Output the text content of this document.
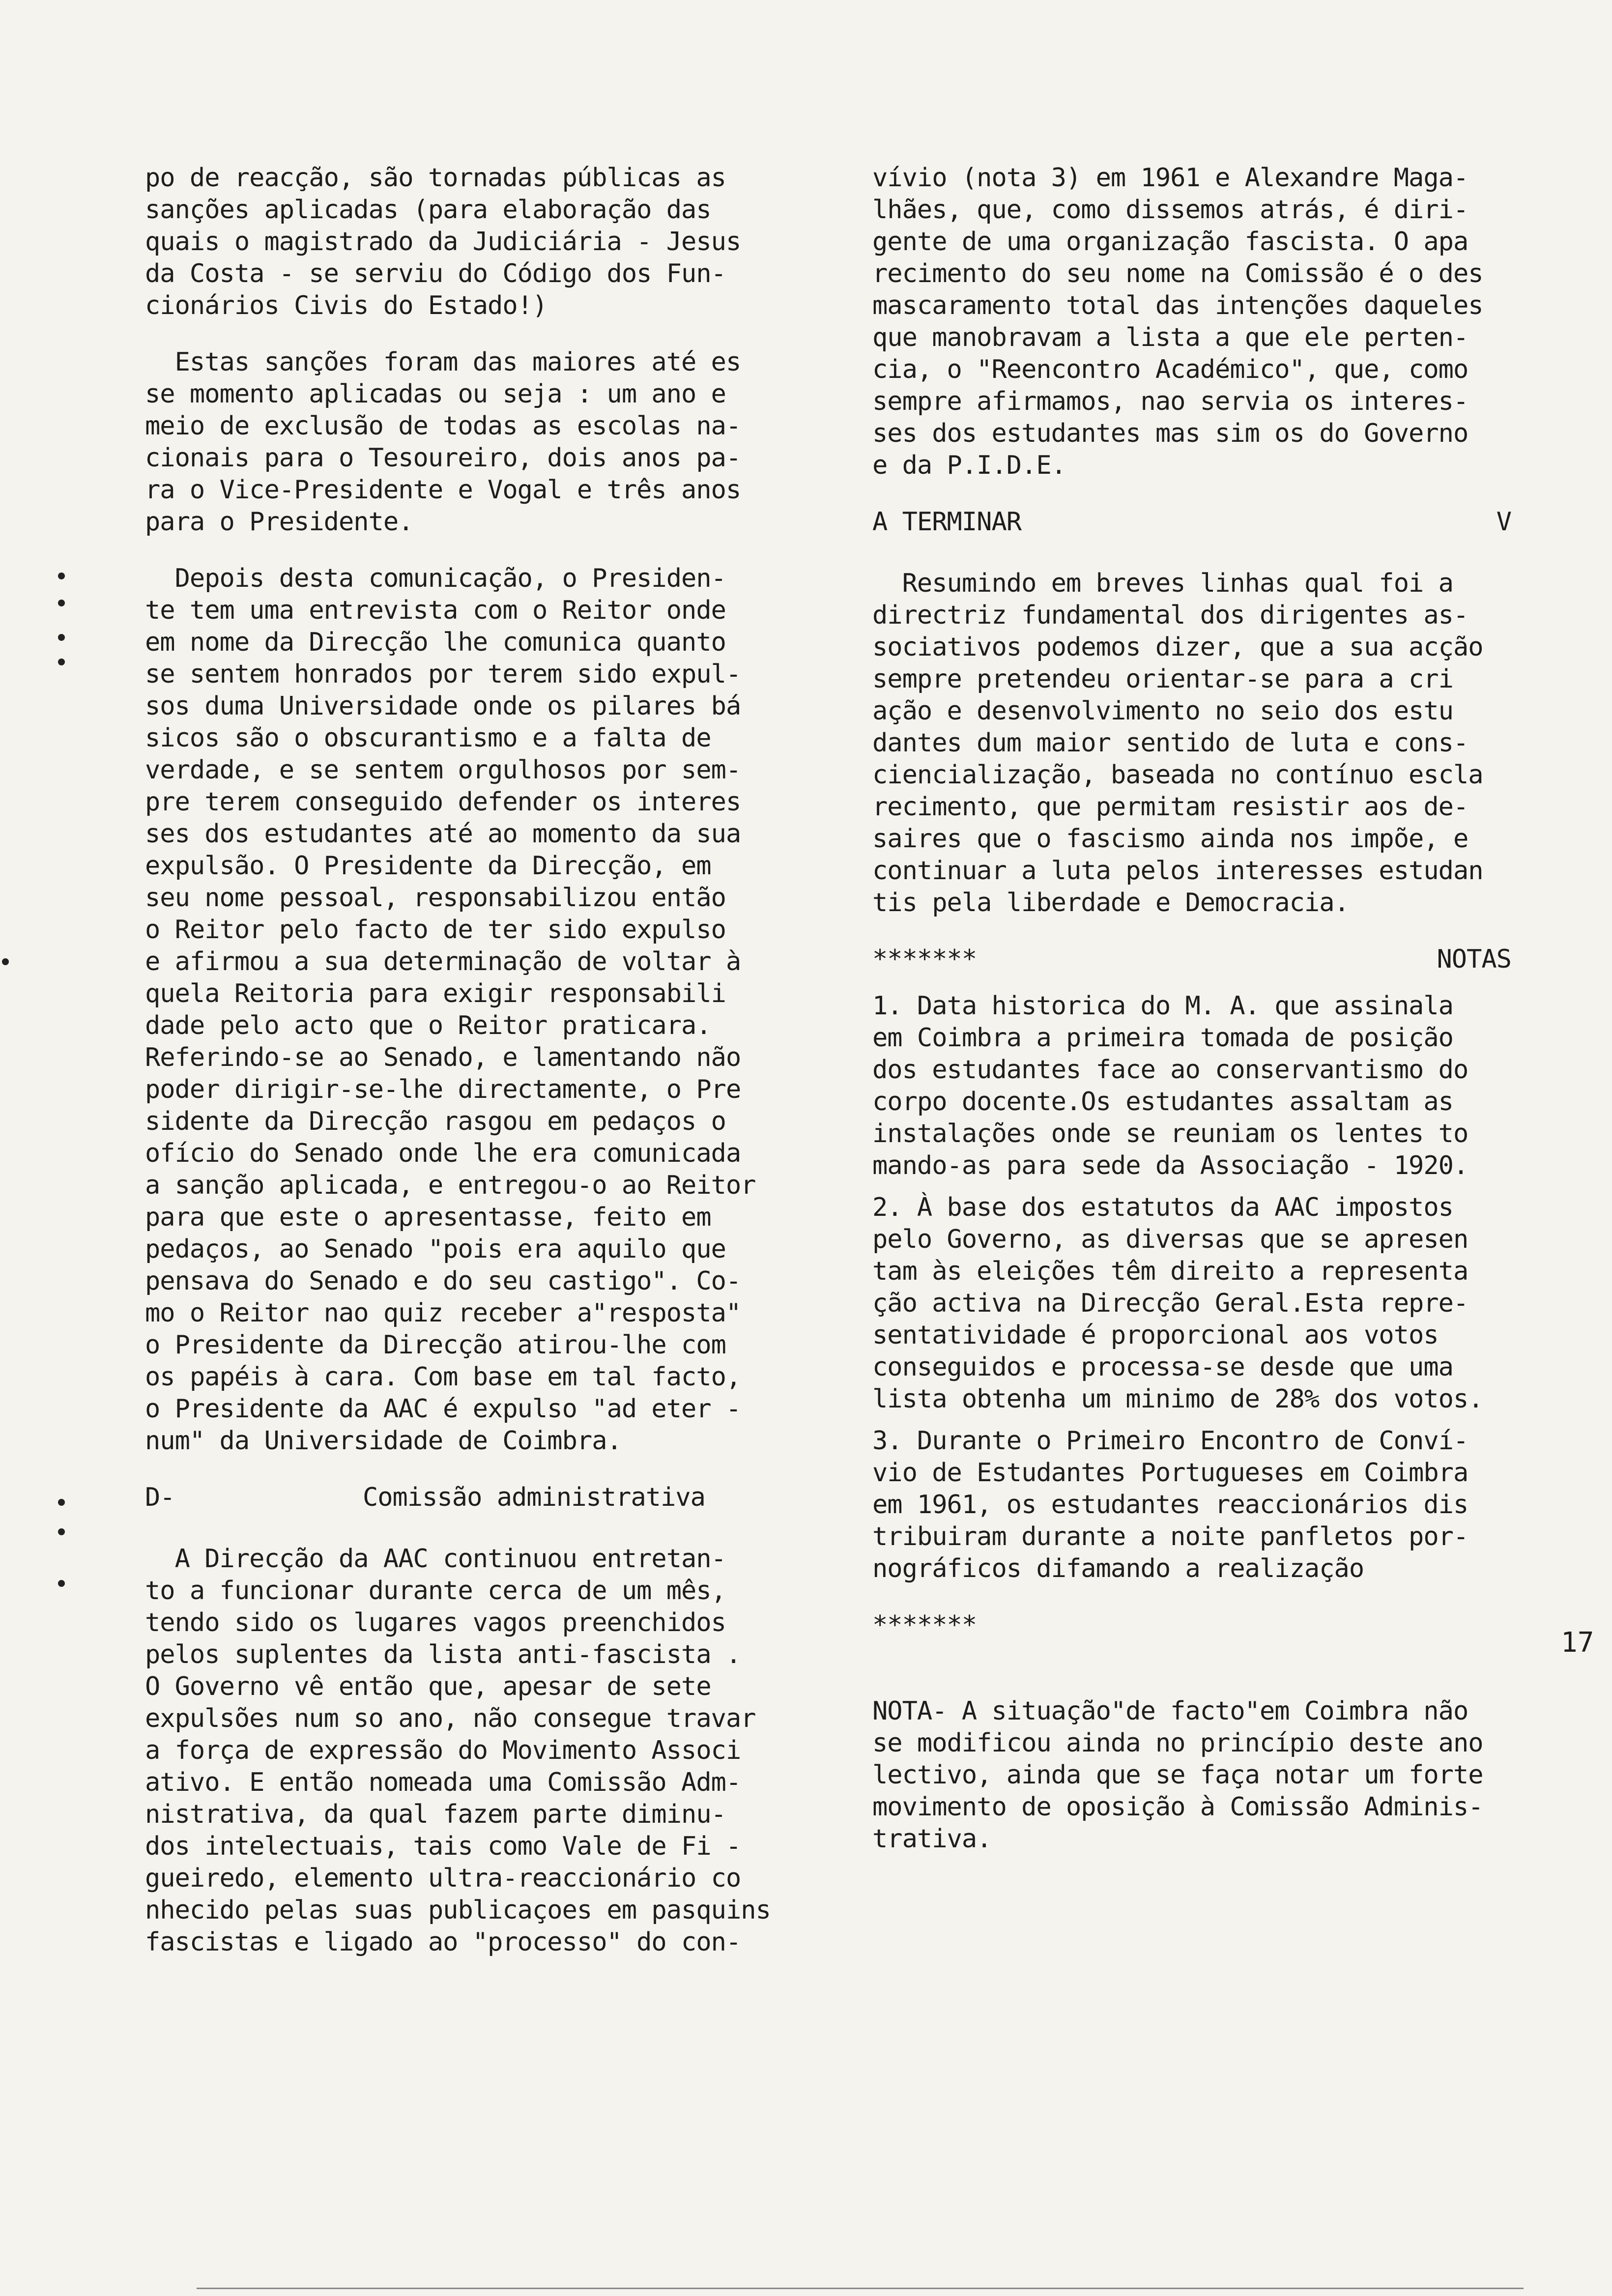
po de reacção, são tornadas públicas as
sanções aplicadas (para elaboração das
quais o magistrado da Judiciária - Jesus
da Costa - se serviu do Código dos Fun-
cionários Civis do Estado!)

Estas sanções foram das maiores até es
se momento aplicadas ou seja : um ano e
meio de exclusão de todas as escolas na-
cionais para o Tesoureiro, dois anos pa-
ra o Vice-Presidente e Vogal e três anos
para o Presidente.

Depois desta comunicação, o Presiden-
te tem uma entrevista com o Reitor onde
em nome da Direcção lhe comunica quanto
se sentem honrados por terem sido expul-
sos duma Universidade onde os pilares bá
sicos são o obscurantismo e a falta de
verdade, e se sentem orgulhosos por sem-
pre terem conseguido defender os interes
ses dos estudantes até ao momento da sua
expulsão. O Presidente da Direcção, em
seu nome pessoal, responsabilizou então
o Reitor pelo facto de ter sido expulso
e afirmou a sua determinação de voltar à
quela Reitoria para exigir responsabili
dade pelo acto que o Reitor praticara.
Referindo-se ao Senado, e lamentando não
poder dirigir-se-lhe directamente, o Pre
sidente da Direcção rasgou em pedaços o
ofício do Senado onde lhe era comunicada
a sanção aplicada, e entregou-o ao Reitor
para que este o apresentasse, feito em
pedaços, ao Senado "pois era aquilo que
pensava do Senado e do seu castigo". Co-
mo o Reitor nao quiz receber a"resposta"
o Presidente da Direcção atirou-lhe com
os papéis à cara. Com base em tal facto,
o Presidente da AAC é expulso "ad eter -
num" da Universidade de Coimbra.

D-	Comissão administrativa

A Direcção da AAC continuou entretan-
to a funcionar durante cerca de um mês,
tendo sido os lugares vagos preenchidos
pelos suplentes da lista anti-fascista .
O Governo vê então que, apesar de sete
expulsões num so ano, não consegue travar
a força de expressão do Movimento Associ
ativo. E então nomeada uma Comissão Adm-
nistrativa, da qual fazem parte diminu-
dos intelectuais, tais como Vale de Fi -
gueiredo, elemento ultra-reaccionário co
nhecido pelas suas publicaçoes em pasquins
fascistas e ligado ao "processo" do con-

vívio (nota 3) em 1961 e Alexandre Maga-
lhães, que, como dissemos atrás, é diri-
gente de uma organização fascista. O apa
recimento do seu nome na Comissão é o des
mascaramento total das intenções daqueles
que manobravam a lista a que ele perten-
cia, o "Reencontro Académico", que, como
sempre afirmamos, nao servia os interes-
ses dos estudantes mas sim os do Governo
e da P.I.D.E.

A TERMINAR	V

Resumindo em breves linhas qual foi a
directriz fundamental dos dirigentes as-
sociativos podemos dizer, que a sua acção
sempre pretendeu orientar-se para a cri
ação e desenvolvimento no seio dos estu
dantes dum maior sentido de luta e cons-
ciencialização, baseada no contínuo escla
recimento, que permitam resistir aos de-
saires que o fascismo ainda nos impõe, e
continuar a luta pelos interesses estudan
tis pela liberdade e Democracia.

*******	NOTAS

1. Data historica do M. A. que assinala
em Coimbra a primeira tomada de posição
dos estudantes face ao conservantismo do
corpo docente.Os estudantes assaltam as
instalações onde se reuniam os lentes to
mando-as para sede da Associação - 1920.

2. À base dos estatutos da AAC impostos
pelo Governo, as diversas que se apresen
tam às eleições têm direito a representa
ção activa na Direcção Geral.Esta repre-
sentatividade é proporcional aos votos
conseguidos e processa-se desde que uma
lista obtenha um minimo de 28% dos votos.

3. Durante o Primeiro Encontro de Conví-
vio de Estudantes Portugueses em Coimbra
em 1961, os estudantes reaccionários dis
tribuiram durante a noite panfletos por-
nográficos difamando a realização

*******

NOTA- A situação"de facto"em Coimbra não
se modificou ainda no princípio deste ano
lectivo, ainda que se faça notar um forte
movimento de oposição à Comissão Adminis-
trativa.

17
